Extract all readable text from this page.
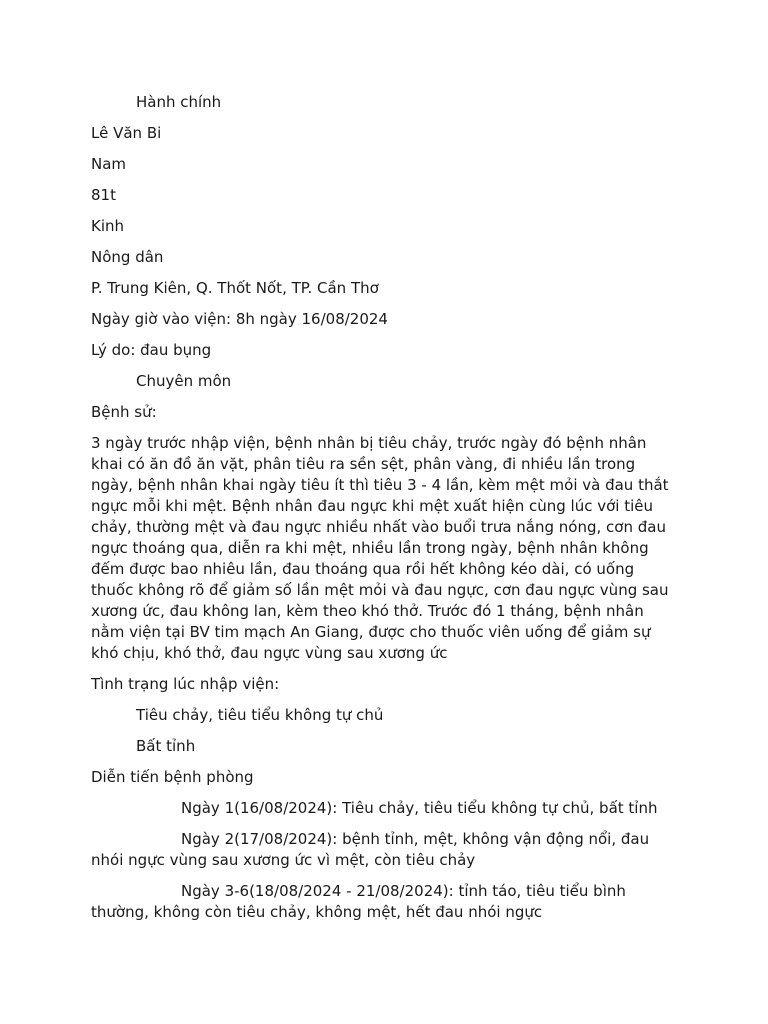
Hành chính

Lê Văn Bi

Nam

81t

Kinh

Nông dân

P. Trung Kiên, Q. Thốt Nốt, TP. Cần Thơ

Ngày giờ vào viện: 8h ngày 16/08/2024

Lý do: đau bụng

Chuyên môn

Bệnh sử:

3 ngày trước nhập viện, bệnh nhân bị tiêu chảy, trước ngày đó bệnh nhân khai có ăn đồ ăn vặt, phân tiêu ra sền sệt, phân vàng, đi nhiều lần trong ngày, bệnh nhân khai ngày tiêu ít thì tiêu 3 - 4 lần, kèm mệt mỏi và đau thắt ngực mỗi khi mệt. Bệnh nhân đau ngực khi mệt xuất hiện cùng lúc với tiêu chảy, thường mệt và đau ngực nhiều nhất vào buổi trưa nắng nóng, cơn đau ngực thoáng qua, diễn ra khi mệt, nhiều lần trong ngày, bệnh nhân không đếm được bao nhiêu lần, đau thoáng qua rồi hết không kéo dài, có uống thuốc không rõ để giảm số lần mệt mỏi và đau ngực, cơn đau ngực vùng sau xương ức, đau không lan, kèm theo khó thở. Trước đó 1 tháng, bệnh nhân nằm viện tại BV tim mạch An Giang, được cho thuốc viên uống để giảm sự khó chịu, khó thở, đau ngực vùng sau xương ức

Tình trạng lúc nhập viện:

Tiêu chảy, tiêu tiểu không tự chủ

Bất tỉnh

Diễn tiến bệnh phòng

Ngày 1(16/08/2024): Tiêu chảy, tiêu tiểu không tự chủ, bất tỉnh

Ngày 2(17/08/2024): bệnh tỉnh, mệt, không vận động nổi, đau nhói ngực vùng sau xương ức vì mệt, còn tiêu chảy

Ngày 3-6(18/08/2024 - 21/08/2024): tỉnh táo, tiêu tiểu bình thường, không còn tiêu chảy, không mệt, hết đau nhói ngực
